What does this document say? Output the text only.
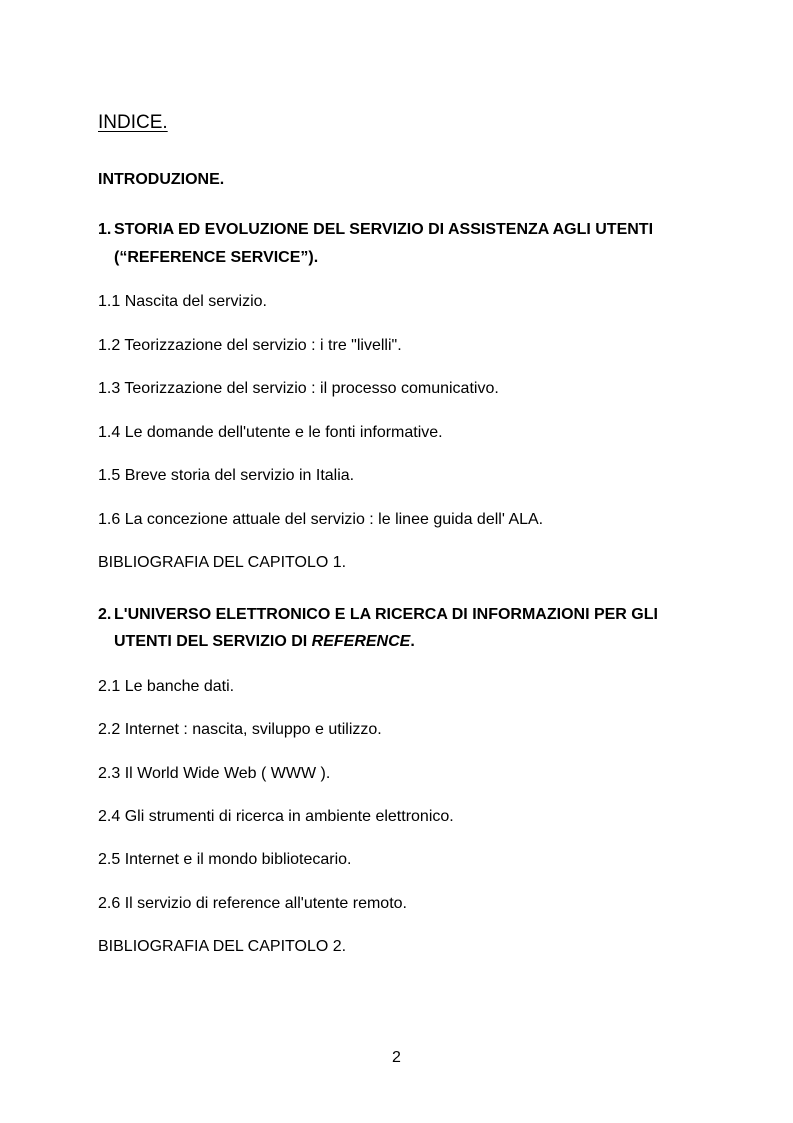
INDICE.
INTRODUZIONE.
1. STORIA ED EVOLUZIONE DEL SERVIZIO DI ASSISTENZA AGLI UTENTI
(“REFERENCE SERVICE”).
1.1 Nascita del servizio.
1.2 Teorizzazione del servizio : i tre "livelli".
1.3 Teorizzazione del servizio : il processo comunicativo.
1.4 Le domande dell'utente e le fonti informative.
1.5 Breve storia del servizio in Italia.
1.6 La concezione attuale del servizio : le linee guida dell' ALA.
BIBLIOGRAFIA DEL CAPITOLO 1.
2. L'UNIVERSO ELETTRONICO E LA RICERCA DI INFORMAZIONI PER GLI
UTENTI DEL SERVIZIO DI REFERENCE.
2.1 Le banche dati.
2.2 Internet : nascita, sviluppo e utilizzo.
2.3 Il World Wide Web ( WWW ).
2.4 Gli strumenti di ricerca in ambiente elettronico.
2.5 Internet e il mondo bibliotecario.
2.6 Il servizio di reference all'utente remoto.
BIBLIOGRAFIA DEL CAPITOLO 2.
2
